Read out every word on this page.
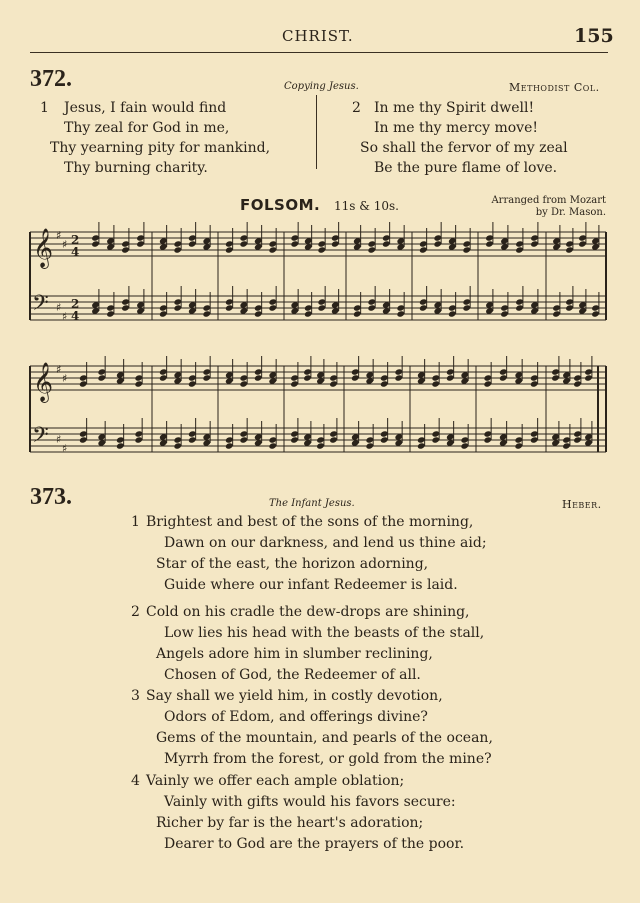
CHRIST.	155
372.	Copying Jesus.	Methodist Col.
1 Jesus, I fain would find
Thy zeal for God in me,
Thy yearning pity for mankind,
Thy burning charity.
2 In me thy Spirit dwell!
In me thy mercy move!
So shall the fervor of my zeal
Be the pure flame of love.
FOLSOM. 11s & 10s.	Arranged from Mozart
by Dr. Mason.
𝄞 ♯
♯
𝄢 ♯
♯
𝄞 ♯
♯
𝄢 ♯
♯
2
4
2
4
373.	The Infant Jesus.	Heber.
1 Brightest and best of the sons of the morning,
Dawn on our darkness, and lend us thine aid;
Star of the east, the horizon adorning,
Guide where our infant Redeemer is laid.
2 Cold on his cradle the dew-drops are shining,
Low lies his head with the beasts of the stall,
Angels adore him in slumber reclining,
Chosen of God, the Redeemer of all.
3 Say shall we yield him, in costly devotion,
Odors of Edom, and offerings divine?
Gems of the mountain, and pearls of the ocean,
Myrrh from the forest, or gold from the mine?
4 Vainly we offer each ample oblation;
Vainly with gifts would his favors secure:
Richer by far is the heart's adoration;
Dearer to God are the prayers of the poor.
